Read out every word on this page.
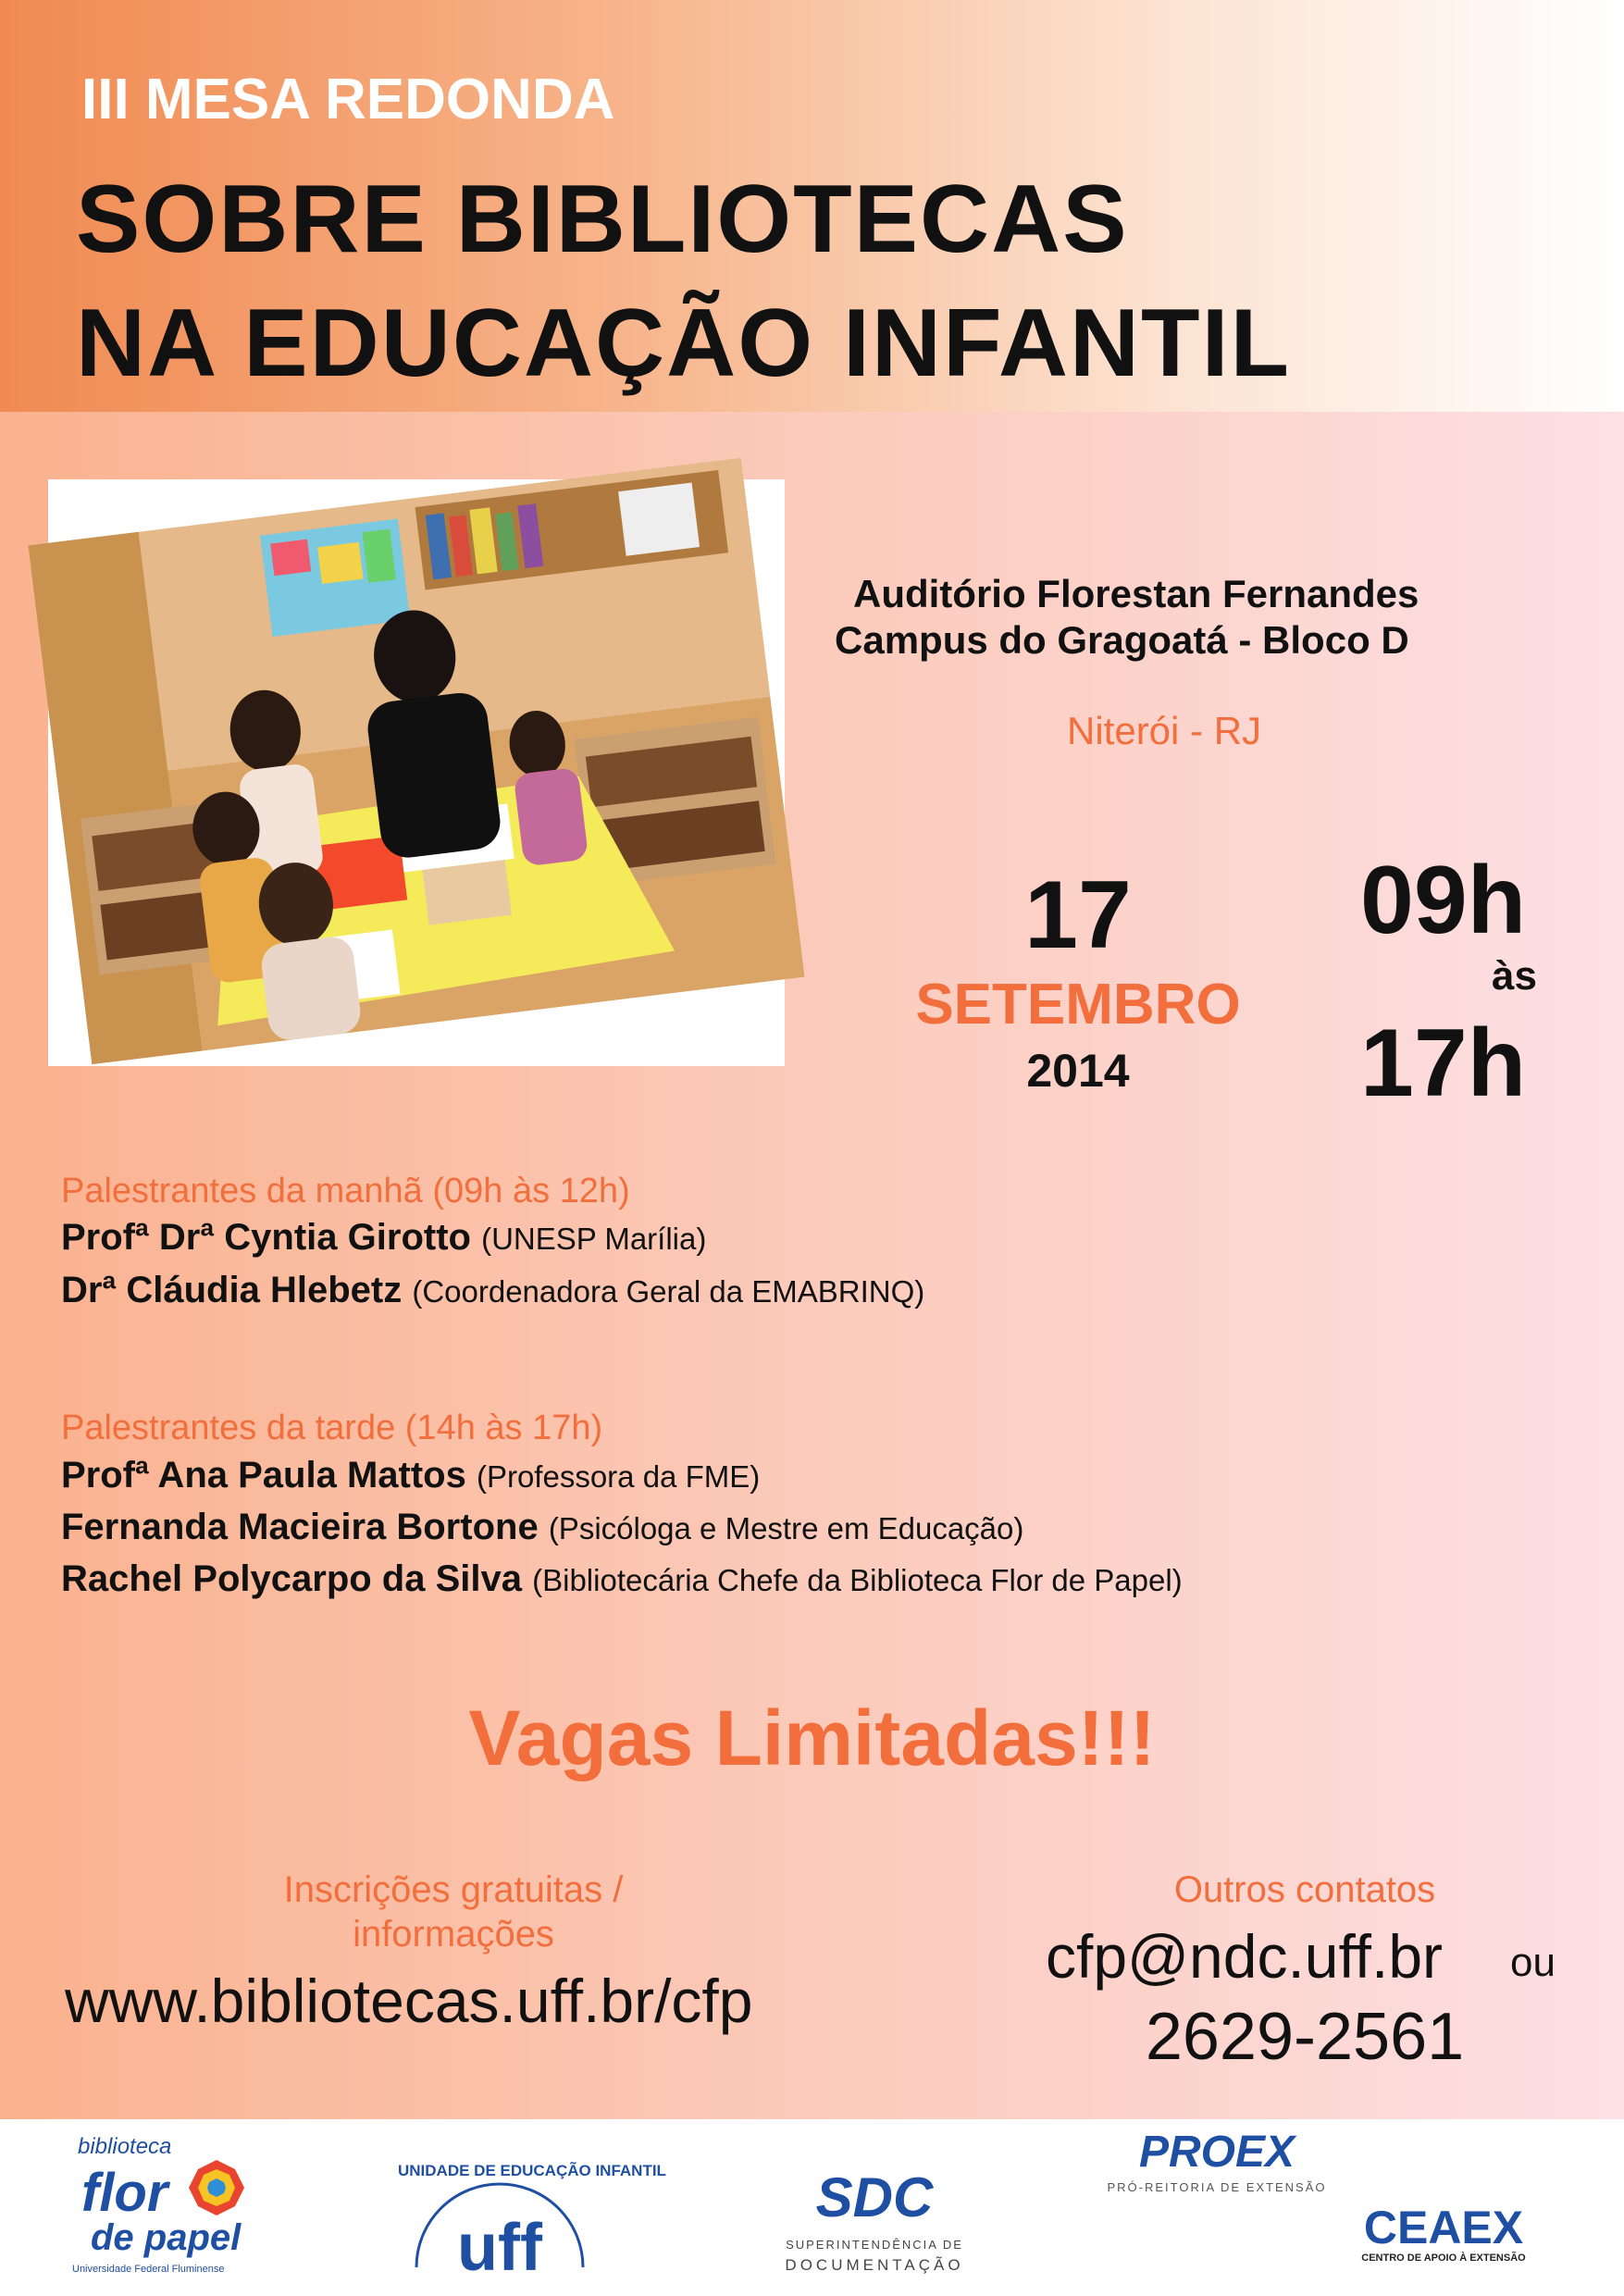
III MESA REDONDA
SOBRE BIBLIOTECAS
NA EDUCAÇÃO INFANTIL
Auditório Florestan Fernandes
Campus do Gragoatá - Bloco D
Niterói - RJ
17
SETEMBRO
2014
09h
às
17h
Palestrantes da manhã (09h às 12h)
Profª Drª Cyntia Girotto (UNESP Marília)
Drª Cláudia Hlebetz (Coordenadora Geral da EMABRINQ)
Palestrantes da tarde (14h às 17h)
Profª Ana Paula Mattos (Professora da FME)
Fernanda Macieira Bortone (Psicóloga e Mestre em Educação)
Rachel Polycarpo da Silva (Bibliotecária Chefe da Biblioteca Flor de Papel)
Vagas Limitadas!!!
Inscrições gratuitas /
informações
www.bibliotecas.uff.br/cfp
Outros contatos
cfp@ndc.uff.br ou
2629-2561
biblioteca
flor
de papel
Universidade Federal Fluminense
UNIDADE DE EDUCAÇÃO INFANTIL
uff
SDC
SUPERINTENDÊNCIA DE
DOCUMENTAÇÃO
PROEX
PRÓ-REITORIA DE EXTENSÃO
CEAEX
CENTRO DE APOIO À EXTENSÃO
